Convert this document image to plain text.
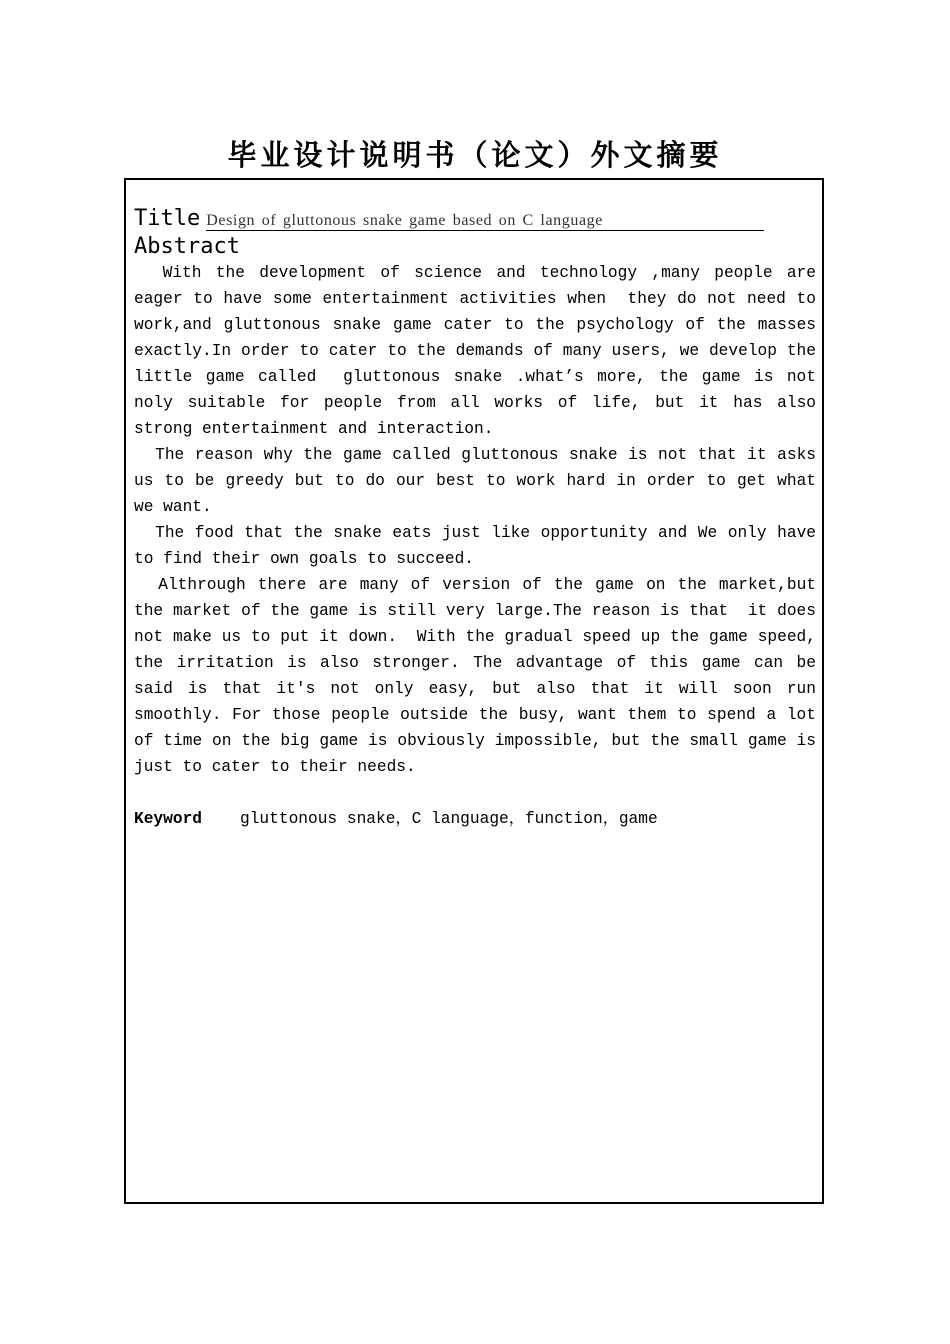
毕业设计说明书（论文）外文摘要
Title Design of gluttonous snake game based on C language
Abstract

With the development of science and technology ,many people are eager to have some entertainment activities when  they do not need to work,and gluttonous snake game cater to the psychology of the masses exactly.In order to cater to the demands of many users, we develop the little game called  gluttonous snake .what’s more, the game is not noly suitable for people from all works of life, but it has also strong entertainment and interaction.

The reason why the game called gluttonous snake is not that it asks us to be greedy but to do our best to work hard in order to get what we want.

The food that the snake eats just like opportunity and We only have to find their own goals to succeed.

Althrough there are many of version of the game on the market,but the market of the game is still very large.The reason is that  it does not make us to put it down.  With the gradual speed up the game speed, the irritation is also stronger. The advantage of this game can be said is that it's not only easy, but also that it will soon run smoothly. For those people outside the busy, want them to spend a lot of time on the big game is obviously impossible, but the small game is just to cater to their needs.

Keyword gluttonous snake，C language，function，game
